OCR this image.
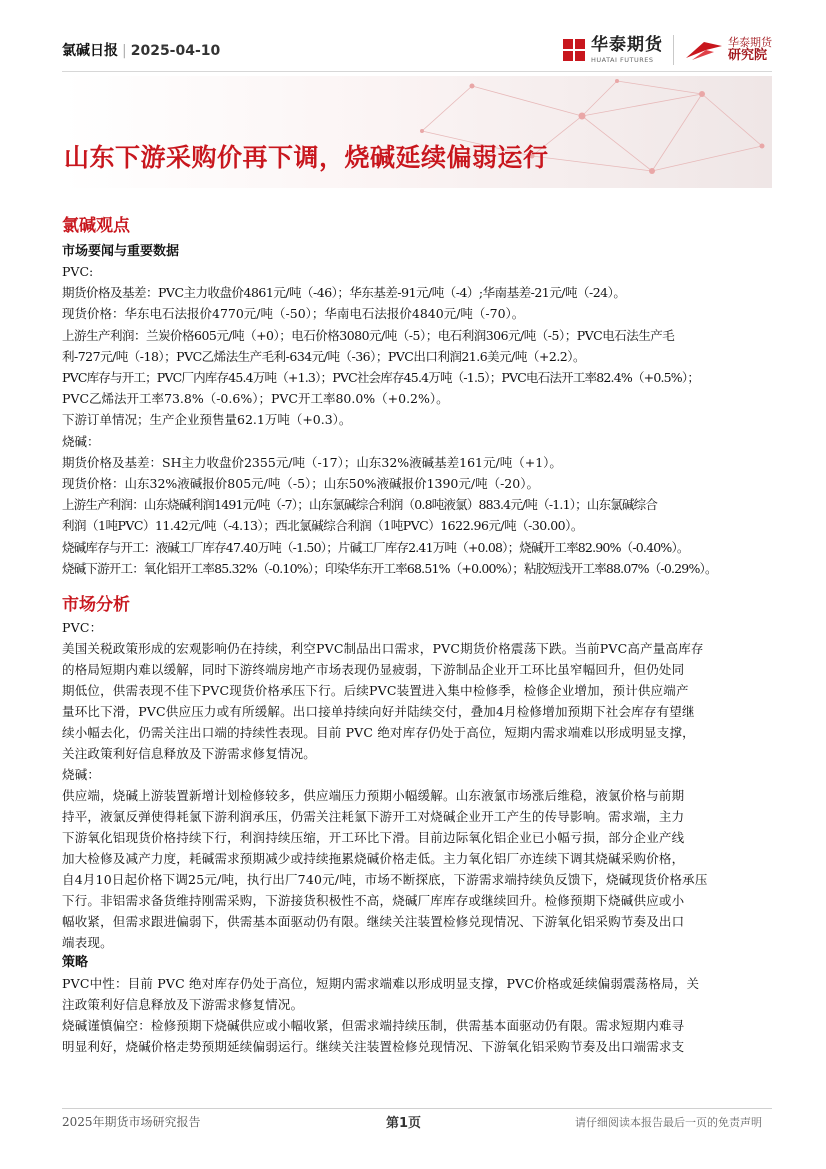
氯碱日报 | 2025-04-10	华泰期货
HUATAI FUTURES
华泰期货
研究院
山东下游采购价再下调，烧碱延续偏弱运行
氯碱观点
市场要闻与重要数据
PVC:
期货价格及基差：PVC主力收盘价4861元/吨（-46）；华东基差-91元/吨（-4）;华南基差-21元/吨（-24）。
现货价格：华东电石法报价4770元/吨（-50）；华南电石法报价4840元/吨（-70）。
上游生产利润：兰炭价格605元/吨（+0）；电石价格3080元/吨（-5）；电石利润306元/吨（-5）；PVC电石法生产毛
利-727元/吨（-18）；PVC乙烯法生产毛利-634元/吨（-36）；PVC出口利润21.6美元/吨（+2.2）。
PVC库存与开工；PVC厂内库存45.4万吨（+1.3）；PVC社会库存45.4万吨（-1.5）；PVC电石法开工率82.4%（+0.5%）；
PVC乙烯法开工率73.8%（-0.6%）；PVC开工率80.0%（+0.2%）。
下游订单情况；生产企业预售量62.1万吨（+0.3）。
烧碱：
期货价格及基差：SH主力收盘价2355元/吨（-17）；山东32%液碱基差161元/吨（+1）。
现货价格：山东32%液碱报价805元/吨（-5）；山东50%液碱报价1390元/吨（-20）。
上游生产利润：山东烧碱利润1491元/吨（-7）；山东氯碱综合利润（0.8吨液氯）883.4元/吨（-1.1）；山东氯碱综合
利润（1吨PVC）11.42元/吨（-4.13）；西北氯碱综合利润（1吨PVC）1622.96元/吨（-30.00）。
烧碱库存与开工：液碱工厂库存47.40万吨（-1.50）；片碱工厂库存2.41万吨（+0.08）；烧碱开工率82.90%（-0.40%）。
烧碱下游开工：氧化铝开工率85.32%（-0.10%）；印染华东开工率68.51%（+0.00%）；粘胶短浅开工率88.07%（-0.29%）。
市场分析
PVC：
美国关税政策形成的宏观影响仍在持续，利空PVC制品出口需求，PVC期货价格震荡下跌。当前PVC高产量高库存
的格局短期内难以缓解，同时下游终端房地产市场表现仍显疲弱，下游制品企业开工环比虽窄幅回升，但仍处同
期低位，供需表现不佳下PVC现货价格承压下行。后续PVC装置进入集中检修季，检修企业增加，预计供应端产
量环比下滑，PVC供应压力或有所缓解。出口接单持续向好并陆续交付，叠加4月检修增加预期下社会库存有望继
续小幅去化，仍需关注出口端的持续性表现。目前 PVC 绝对库存仍处于高位，短期内需求端难以形成明显支撑，
关注政策利好信息释放及下游需求修复情况。
烧碱：
供应端，烧碱上游装置新增计划检修较多，供应端压力预期小幅缓解。山东液氯市场涨后维稳，液氯价格与前期
持平，液氯反弹使得耗氯下游利润承压，仍需关注耗氯下游开工对烧碱企业开工产生的传导影响。需求端，主力
下游氧化铝现货价格持续下行，利润持续压缩，开工环比下滑。目前边际氧化铝企业已小幅亏损，部分企业产线
加大检修及减产力度，耗碱需求预期减少或持续拖累烧碱价格走低。主力氧化铝厂亦连续下调其烧碱采购价格，
自4月10日起价格下调25元/吨，执行出厂740元/吨，市场不断探底，下游需求端持续负反馈下，烧碱现货价格承压
下行。非铝需求备货维持刚需采购，下游接货积极性不高，烧碱厂库库存或继续回升。检修预期下烧碱供应或小
幅收紧，但需求跟进偏弱下，供需基本面驱动仍有限。继续关注装置检修兑现情况、下游氧化铝采购节奏及出口
端表现。
策略
PVC中性：目前 PVC 绝对库存仍处于高位，短期内需求端难以形成明显支撑，PVC价格或延续偏弱震荡格局，关
注政策利好信息释放及下游需求修复情况。
烧碱谨慎偏空：检修预期下烧碱供应或小幅收紧，但需求端持续压制，供需基本面驱动仍有限。需求短期内难寻
明显利好，烧碱价格走势预期延续偏弱运行。继续关注装置检修兑现情况、下游氧化铝采购节奏及出口端需求支
2025年期货市场研究报告	第1页	请仔细阅读本报告最后一页的免责声明
